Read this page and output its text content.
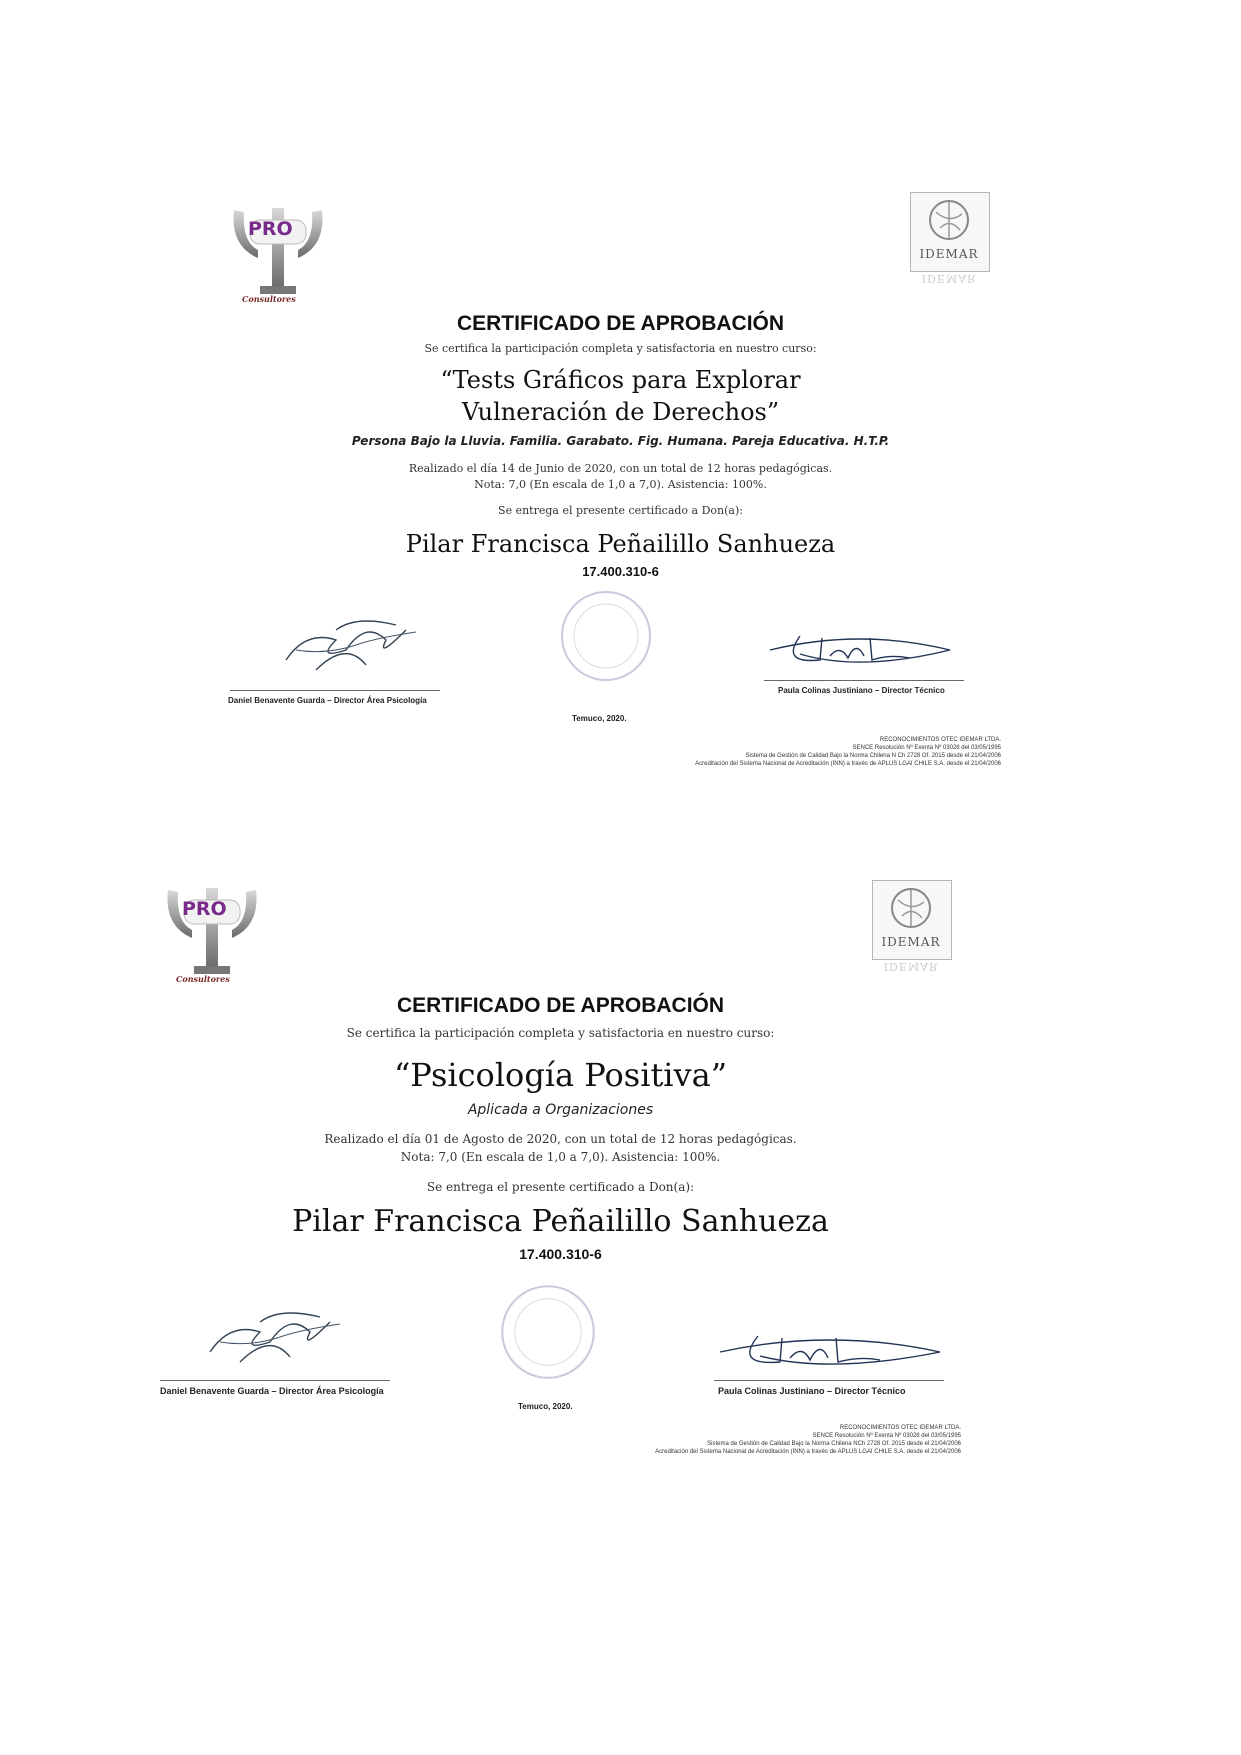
PRO
Consultores
IDEMAR
IDEMAR
CERTIFICADO DE APROBACIÓN
Se certifica la participación completa y satisfactoria en nuestro curso:
“Tests Gráficos para Explorar
Vulneración de Derechos”
Persona Bajo la Lluvia. Familia. Garabato. Fig. Humana. Pareja Educativa. H.T.P.
Realizado el día 14 de Junio de 2020, con un total de 12 horas pedagógicas.
Nota: 7,0 (En escala de 1,0 a 7,0). Asistencia: 100%.
Se entrega el presente certificado a Don(a):
Pilar Francisca Peñailillo Sanhueza
17.400.310-6
Daniel Benavente Guarda – Director Área Psicología
Paula Colinas Justiniano – Director Técnico
Temuco, 2020.
RECONOCIMIENTOS OTEC IDEMAR LTDA.
SENCE Resolución Nº Exenta Nº 03028 del 03/05/1995
Sistema de Gestión de Calidad Bajo la Norma Chilena N Ch 2728 Of. 2015 desde el 21/04/2006
Acreditación del Sistema Nacional de Acreditación (INN) a través de APLUS LGAI CHILE S.A. desde el 21/04/2006
PRO
Consultores
IDEMAR
IDEMAR
CERTIFICADO DE APROBACIÓN
Se certifica la participación completa y satisfactoria en nuestro curso:
“Psicología Positiva”
Aplicada a Organizaciones
Realizado el día 01 de Agosto de 2020, con un total de 12 horas pedagógicas.
Nota: 7,0 (En escala de 1,0 a 7,0). Asistencia: 100%.
Se entrega el presente certificado a Don(a):
Pilar Francisca Peñailillo Sanhueza
17.400.310-6
Daniel Benavente Guarda – Director Área Psicología	Paula Colinas Justiniano – Director Técnico
Temuco, 2020.
RECONOCIMIENTOS OTEC IDEMAR LTDA.
SENCE Resolución Nº Exenta Nº 03028 del 03/05/1995
Sistema de Gestión de Calidad Bajo la Norma Chilena NCh 2728 Of. 2015 desde el 21/04/2006
Acreditación del Sistema Nacional de Acreditación (INN) a través de APLUS LGAI CHILE S.A. desde el 21/04/2006
